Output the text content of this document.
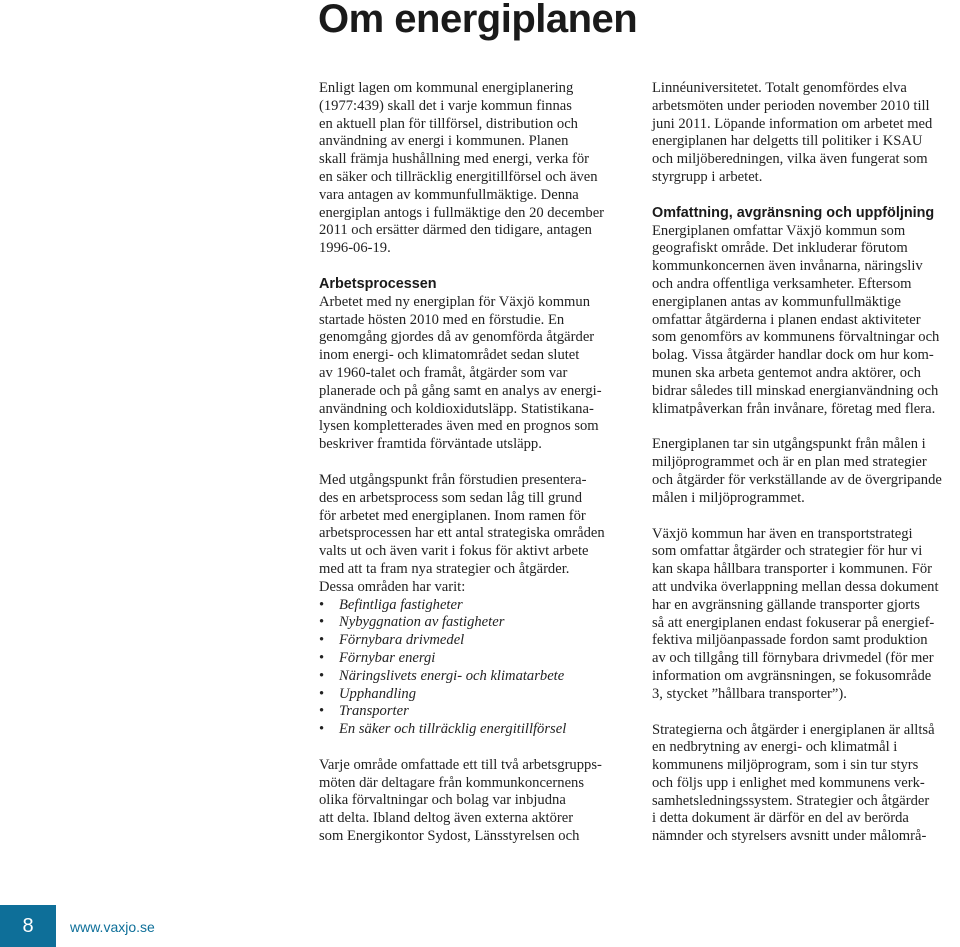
Om energiplanen

Enligt lagen om kommunal energiplanering
(1977:439) skall det i varje kommun finnas
en aktuell plan för tillförsel, distribution och
användning av energi i kommunen. Planen
skall främja hushållning med energi, verka för
en säker och tillräcklig energitillförsel och även
vara antagen av kommunfullmäktige. Denna
energiplan antogs i fullmäktige den 20 december
2011 och ersätter därmed den tidigare, antagen
1996-06-19.

Arbetsprocessen

Arbetet med ny energiplan för Växjö kommun
startade hösten 2010 med en förstudie. En
genomgång gjordes då av genomförda åtgärder
inom energi- och klimatområdet sedan slutet
av 1960-talet och framåt, åtgärder som var
planerade och på gång samt en analys av energi-
användning och koldioxidutsläpp. Statistikana-
lysen kompletterades även med en prognos som
beskriver framtida förväntade utsläpp.

Med utgångspunkt från förstudien presentera-
des en arbetsprocess som sedan låg till grund
för arbetet med energiplanen. Inom ramen för
arbetsprocessen har ett antal strategiska områden
valts ut och även varit i fokus för aktivt arbete
med att ta fram nya strategier och åtgärder.
Dessa områden har varit:

• Befintliga fastigheter
• Nybyggnation av fastigheter
• Förnybara drivmedel
• Förnybar energi
• Näringslivets energi- och klimatarbete
• Upphandling
• Transporter
• En säker och tillräcklig energitillförsel

Varje område omfattade ett till två arbetsgrupps-
möten där deltagare från kommunkoncernens
olika förvaltningar och bolag var inbjudna
att delta. Ibland deltog även externa aktörer
som Energikontor Sydost, Länsstyrelsen och

Linnéuniversitetet. Totalt genomfördes elva
arbetsmöten under perioden november 2010 till
juni 2011. Löpande information om arbetet med
energiplanen har delgetts till politiker i KSAU
och miljöberedningen, vilka även fungerat som
styrgrupp i arbetet.

Omfattning, avgränsning och uppföljning

Energiplanen omfattar Växjö kommun som
geografiskt område. Det inkluderar förutom
kommunkoncernen även invånarna, näringsliv
och andra offentliga verksamheter. Eftersom
energiplanen antas av kommunfullmäktige
omfattar åtgärderna i planen endast aktiviteter
som genomförs av kommunens förvaltningar och
bolag. Vissa åtgärder handlar dock om hur kom-
munen ska arbeta gentemot andra aktörer, och
bidrar således till minskad energianvändning och
klimatpåverkan från invånare, företag med flera.

Energiplanen tar sin utgångspunkt från målen i
miljöprogrammet och är en plan med strategier
och åtgärder för verkställande av de övergripande
målen i miljöprogrammet.

Växjö kommun har även en transportstrategi
som omfattar åtgärder och strategier för hur vi
kan skapa hållbara transporter i kommunen. För
att undvika överlappning mellan dessa dokument
har en avgränsning gällande transporter gjorts
så att energiplanen endast fokuserar på energief-
fektiva miljöanpassade fordon samt produktion
av och tillgång till förnybara drivmedel (för mer
information om avgränsningen, se fokusområde
3, stycket ”hållbara transporter”).

Strategierna och åtgärder i energiplanen är alltså
en nedbrytning av energi- och klimatmål i
kommunens miljöprogram, som i sin tur styrs
och följs upp i enlighet med kommunens verk-
samhetsledningssystem. Strategier och åtgärder
i detta dokument är därför en del av berörda
nämnder och styrelsers avsnitt under målområ-

8	www.vaxjo.se
